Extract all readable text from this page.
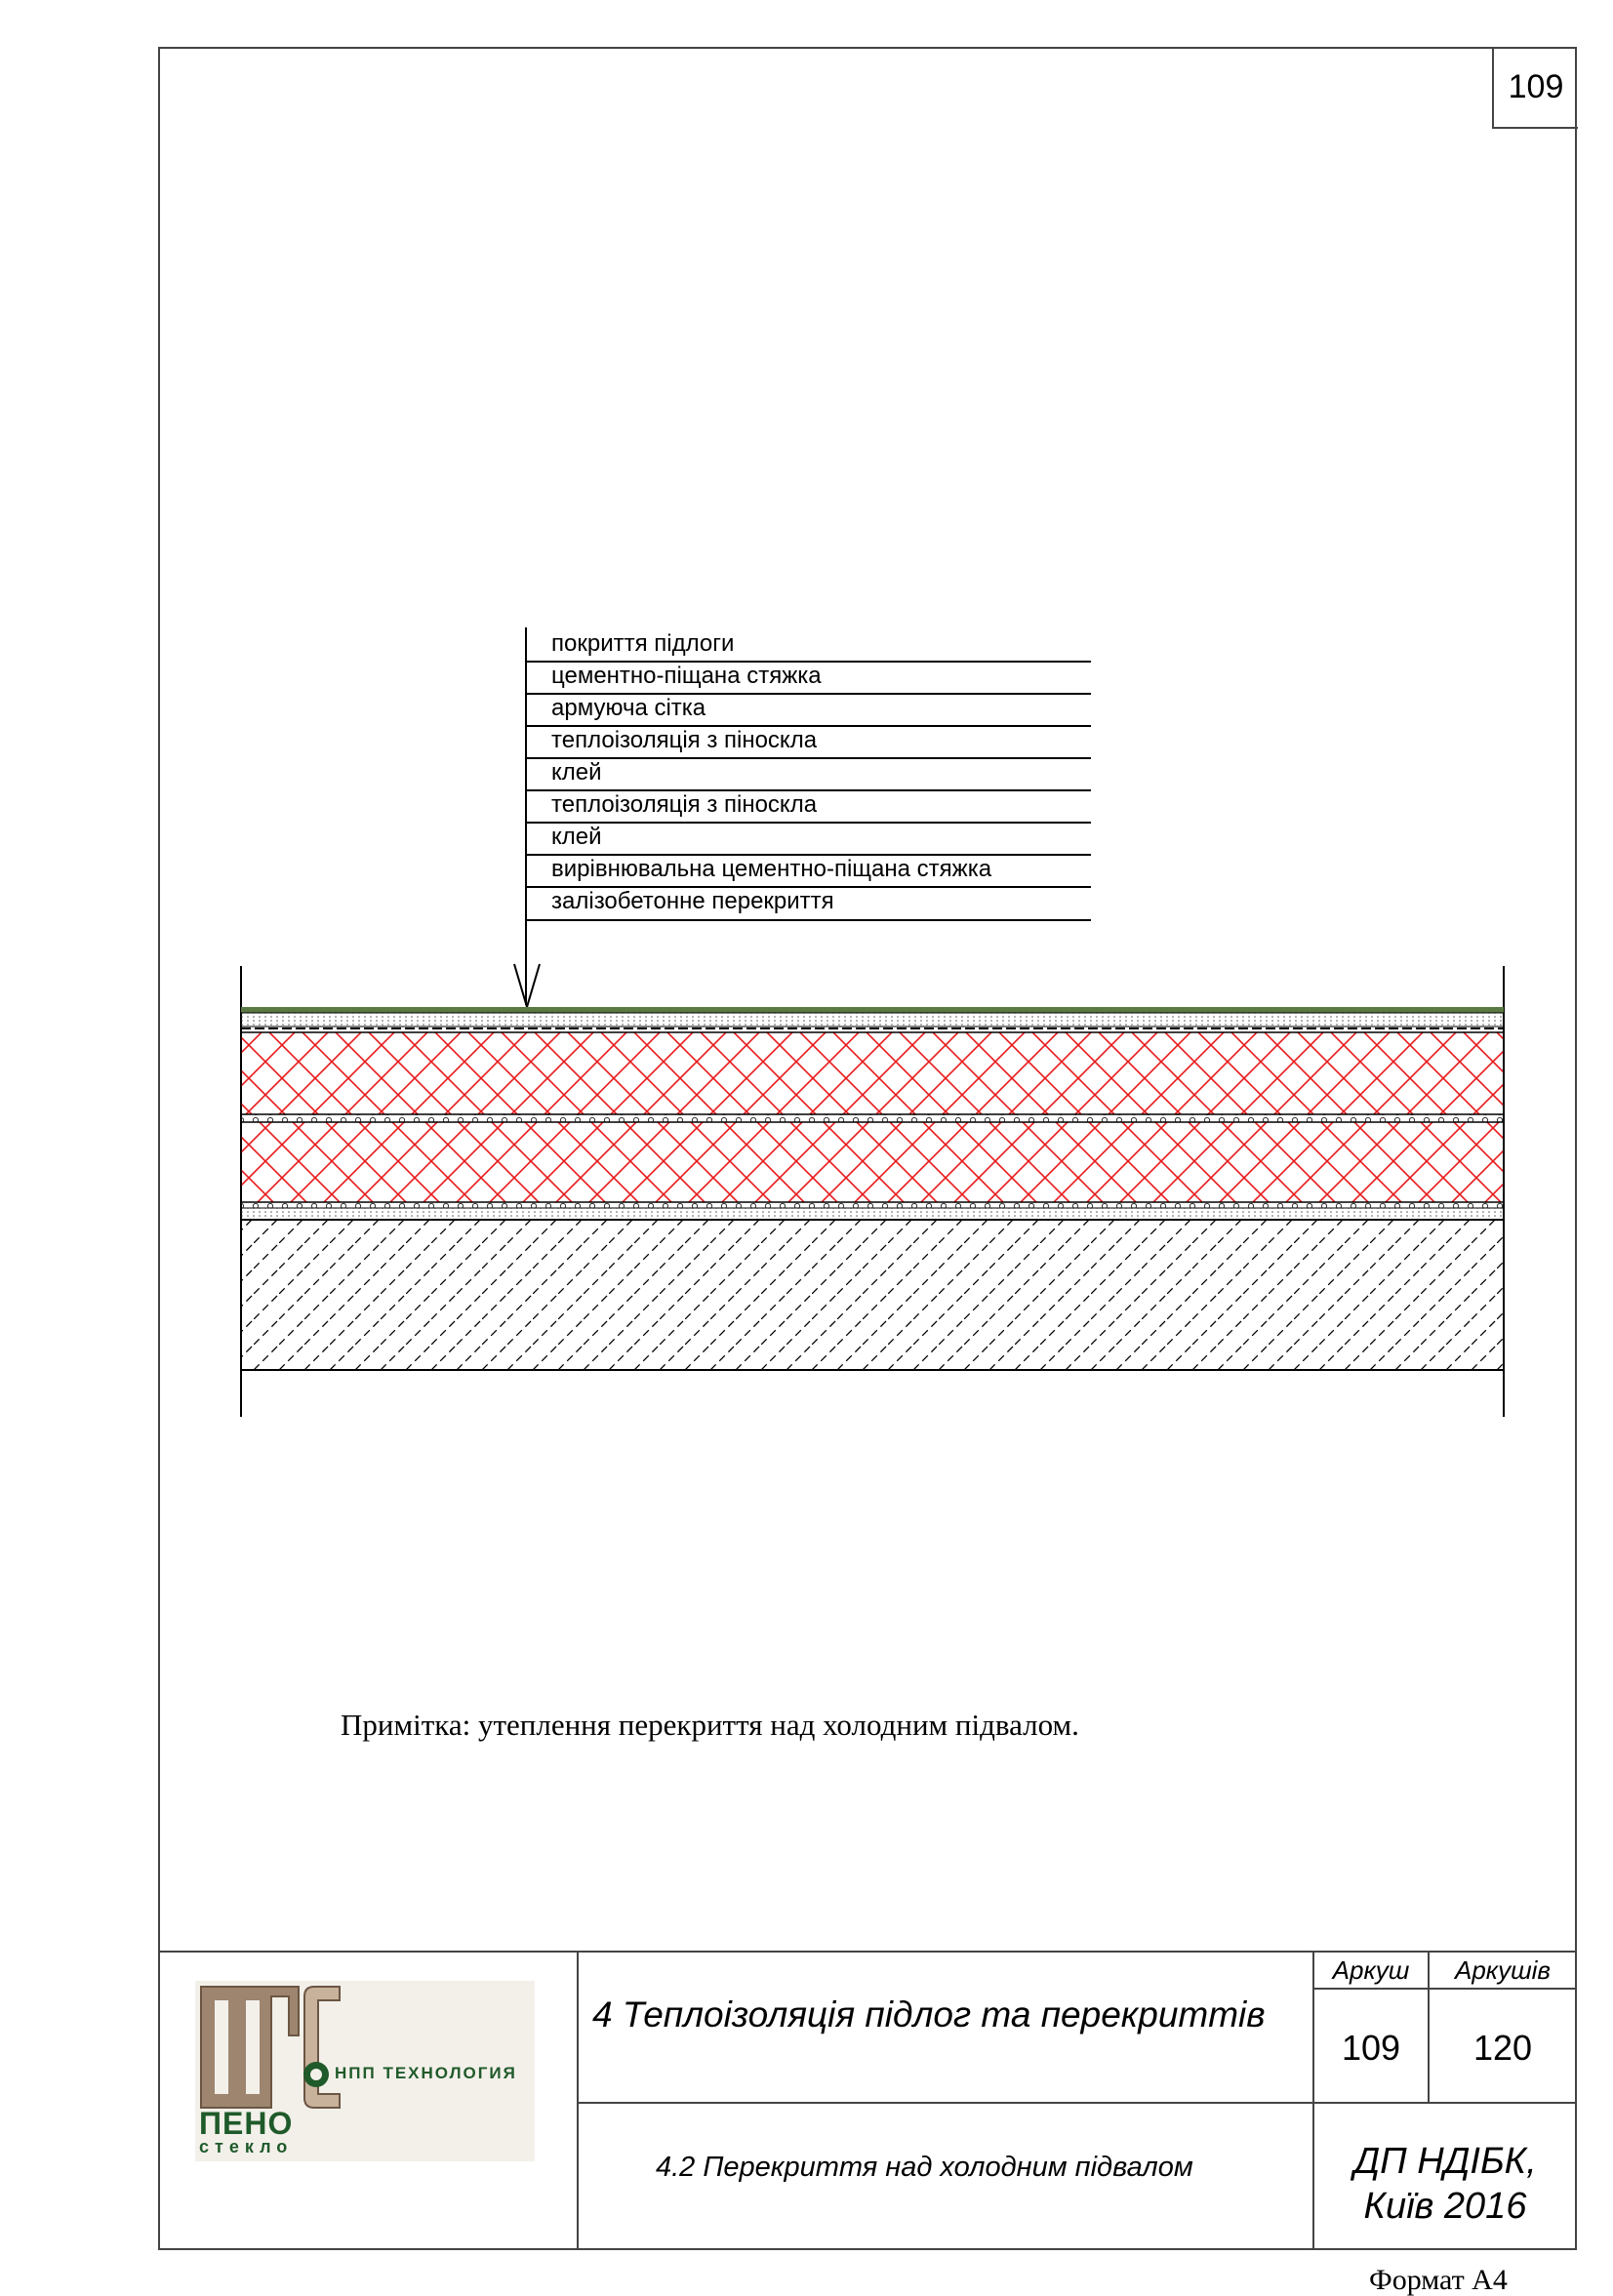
109
покриття підлоги
цементно-піщана стяжка
армуюча сітка
теплоізоляція з піноскла
клей
теплоізоляція з піноскла
клей
вирівнювальна цементно-піщана стяжка
залізобетонне перекриття
Примітка: утеплення перекриття над холодним підвалом.
НПП ТЕХНОЛОГИЯ
ПЕНО
стекло
4 Теплоізоляція підлог та перекриттів
4.2 Перекриття над холодним підвалом
Аркуш	Аркушів
109	120
ДП НДІБК,
Київ 2016
Формат А4
